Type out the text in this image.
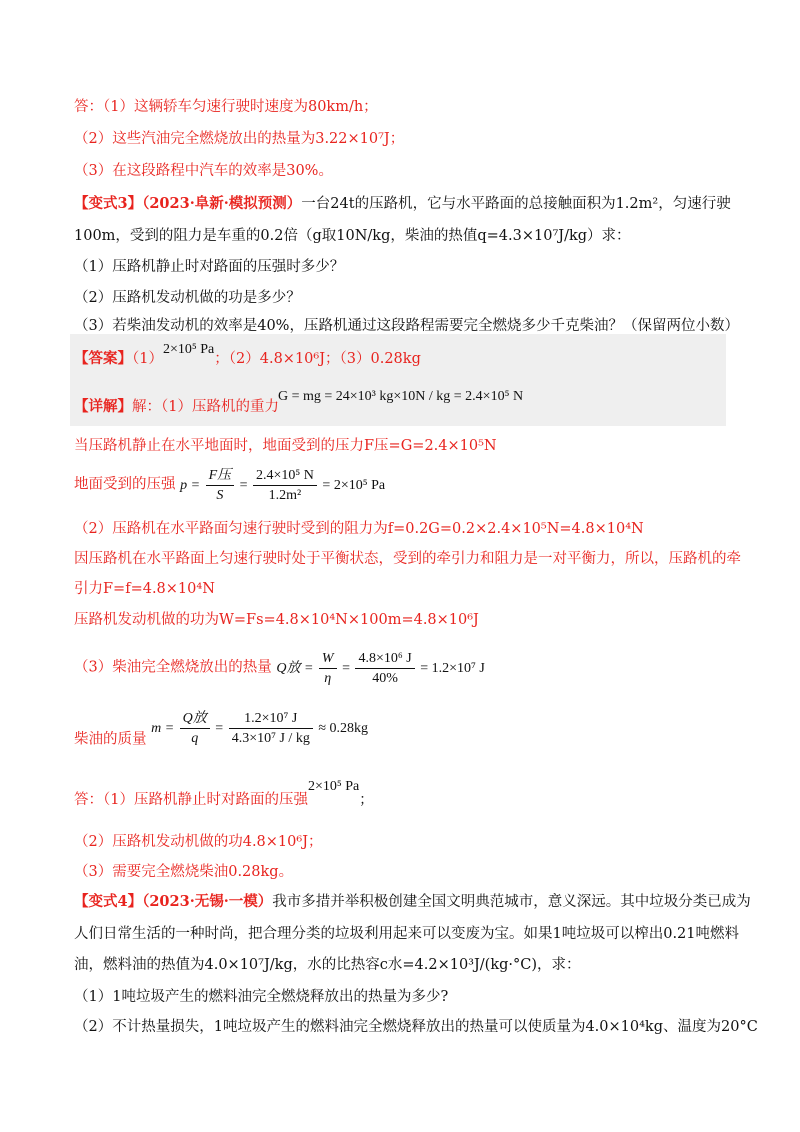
答：（1）这辆轿车匀速行驶时速度为80km/h；
（2）这些汽油完全燃烧放出的热量为3.22×10⁷J；
（3）在这段路程中汽车的效率是30%。
【变式3】（2023·阜新·模拟预测）一台24t的压路机，它与水平路面的总接触面积为1.2m²，匀速行驶
100m，受到的阻力是车重的0.2倍（g取10N/kg，柴油的热值q=4.3×10⁷J/kg）求：
（1）压路机静止时对路面的压强时多少？
（2）压路机发动机做的功是多少？
（3）若柴油发动机的效率是40%，压路机通过这段路程需要完全燃烧多少千克柴油？（保留两位小数）
【答案】（1）2×10⁵ Pa；（2）4.8×10⁶J；（3）0.28kg
【详解】解：（1）压路机的重力
G = mg = 24×10³ kg×10N / kg = 2.4×10⁵ N
当压路机静止在水平地面时，地面受到的压力F压=G=2.4×10⁵N
地面受到的压强 $p = \frac{\text{F压}}{S} = \frac{\text{2.4×10⁵ N}}{\text{1.2m²}} = 2\times 10^5$ Pa
（2）压路机在水平路面匀速行驶时受到的阻力为f=0.2G=0.2×2.4×10⁵N=4.8×10⁴N
因压路机在水平路面上匀速行驶时处于平衡状态，受到的牵引力和阻力是一对平衡力，所以，压路机的牵
引力F=f=4.8×10⁴N
压路机发动机做的功为W=Fs=4.8×10⁴N×100m=4.8×10⁶J
（3）柴油完全燃烧放出的热量 Q放 = $\frac{W}{\eta} = \frac{\text{4.8×10⁶ J}}{40\%} = 1.2\times 10^7$ J
柴油的质量 $m = \frac{\text{Q放}}{q} = \frac{\text{1.2×10⁷ J}}{\text{4.3×10⁷ J / kg}} \approx 0.28kg$
答：（1）压路机静止时对路面的压强2×10⁵ Pa；
（2）压路机发动机做的功4.8×10⁶J；
（3）需要完全燃烧柴油0.28kg。
【变式4】（2023·无锡·一模）我市多措并举积极创建全国文明典范城市，意义深远。其中垃圾分类已成为
人们日常生活的一种时尚，把合理分类的垃圾利用起来可以变废为宝。如果1吨垃圾可以榨出0.21吨燃料
油，燃料油的热值为4.0×10⁷J/kg，水的比热容c水=4.2×10³J/(kg·°C)，求：
（1）1吨垃圾产生的燃料油完全燃烧释放出的热量为多少?
（2）不计热量损失，1吨垃圾产生的燃料油完全燃烧释放出的热量可以使质量为4.0×10⁴kg、温度为20°C
